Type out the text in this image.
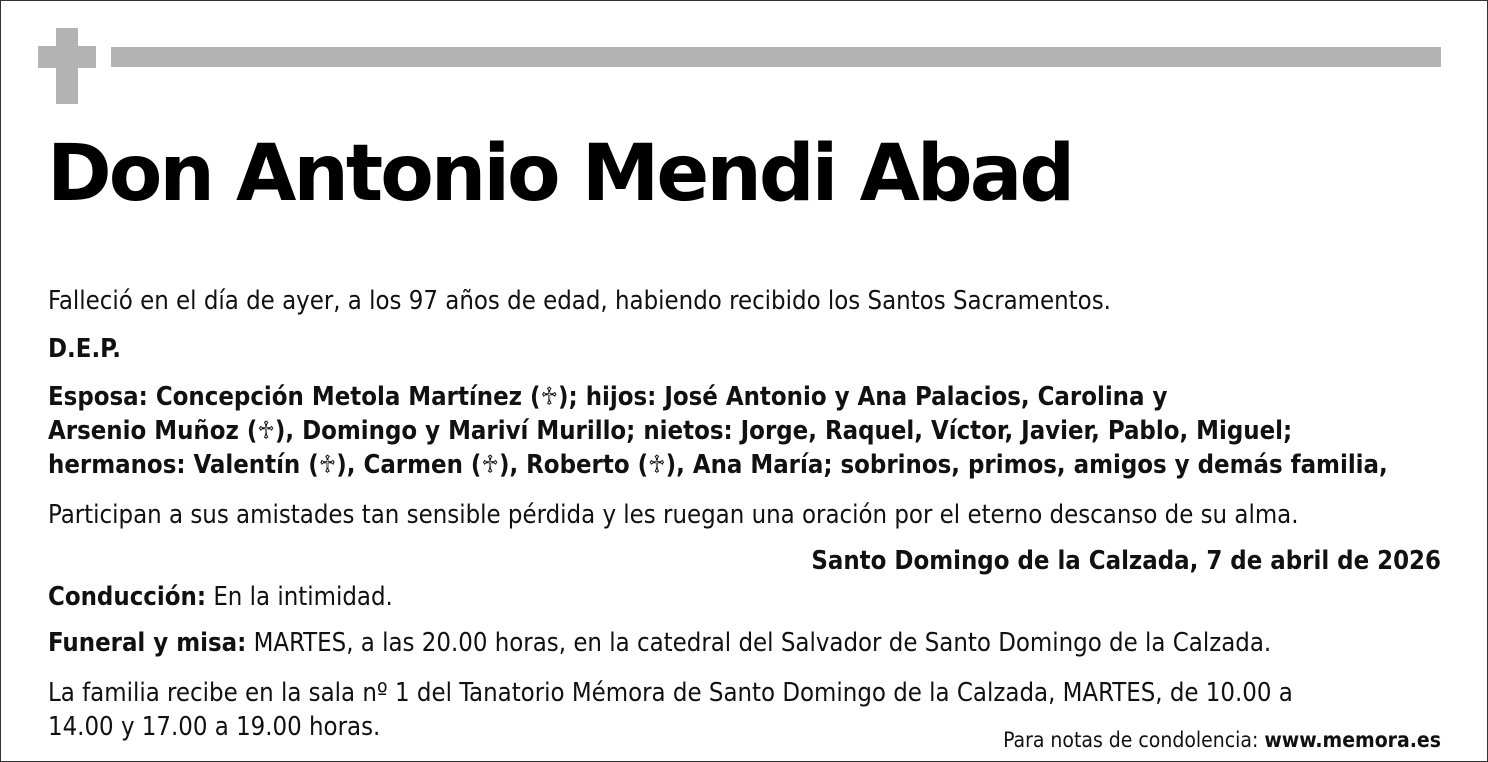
Don Antonio Mendi Abad

Falleció en el día de ayer, a los 97 años de edad, habiendo recibido los Santos Sacramentos.

D.E.P.

Esposa: Concepción Metola Martínez (♱); hijos: José Antonio y Ana Palacios, Carolina y
Arsenio Muñoz (♱), Domingo y Mariví Murillo; nietos: Jorge, Raquel, Víctor, Javier, Pablo, Miguel;
hermanos: Valentín (♱), Carmen (♱), Roberto (♱), Ana María; sobrinos, primos, amigos y demás familia,

Participan a sus amistades tan sensible pérdida y les ruegan una oración por el eterno descanso de su alma.

Santo Domingo de la Calzada, 7 de abril de 2026

Conducción: En la intimidad.

Funeral y misa: MARTES, a las 20.00 horas, en la catedral del Salvador de Santo Domingo de la Calzada.

La familia recibe en la sala nº 1 del Tanatorio Mémora de Santo Domingo de la Calzada, MARTES, de 10.00 a
14.00 y 17.00 a 19.00 horas.	Para notas de condolencia: www.memora.es
